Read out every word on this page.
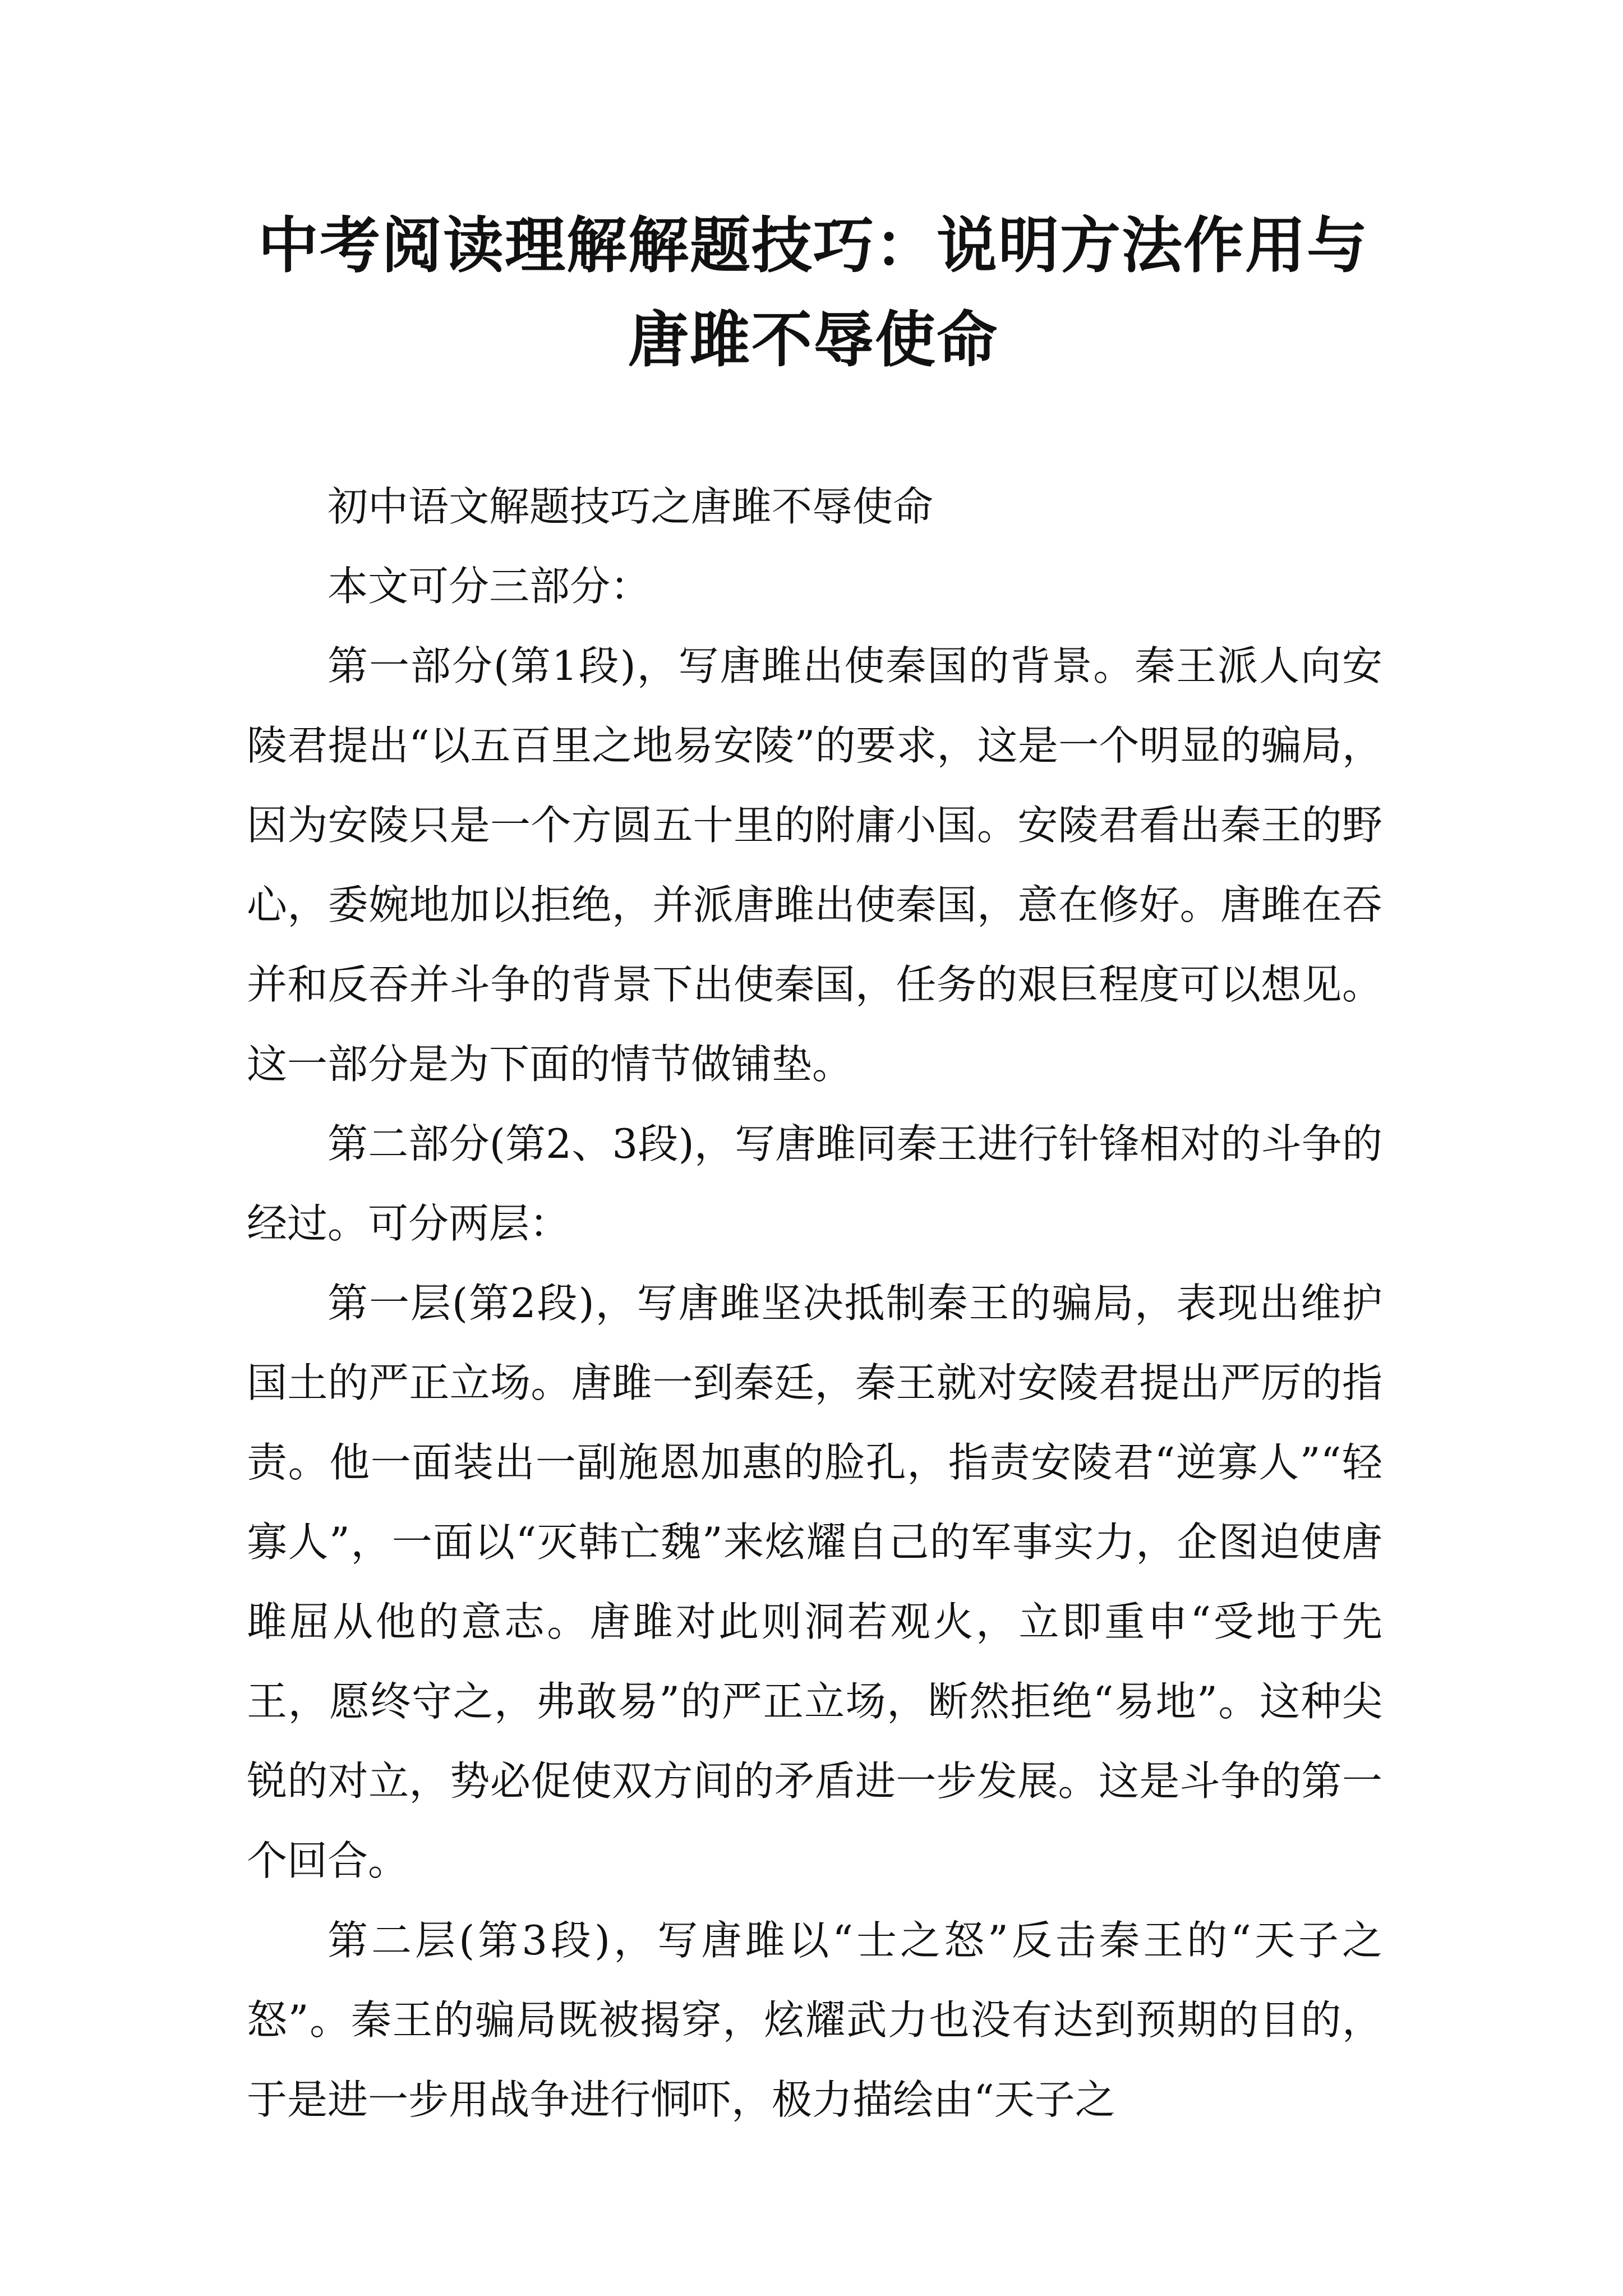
中考阅读理解解题技巧：说明方法作用与唐雎不辱使命

初中语文解题技巧之唐雎不辱使命

本文可分三部分：

第一部分(第1段)，写唐雎出使秦国的背景。秦王派人向安陵君提出“以五百里之地易安陵”的要求，这是一个明显的骗局，因为安陵只是一个方圆五十里的附庸小国。安陵君看出秦王的野心，委婉地加以拒绝，并派唐雎出使秦国，意在修好。唐雎在吞并和反吞并斗争的背景下出使秦国，任务的艰巨程度可以想见。这一部分是为下面的情节做铺垫。

第二部分(第2、3段)，写唐雎同秦王进行针锋相对的斗争的经过。可分两层：

第一层(第2段)，写唐雎坚决抵制秦王的骗局，表现出维护国土的严正立场。唐雎一到秦廷，秦王就对安陵君提出严厉的指责。他一面装出一副施恩加惠的脸孔，指责安陵君“逆寡人”“轻寡人”，一面以“灭韩亡魏”来炫耀自己的军事实力，企图迫使唐雎屈从他的意志。唐雎对此则洞若观火，立即重申“受地于先王，愿终守之，弗敢易”的严正立场，断然拒绝“易地”。这种尖锐的对立，势必促使双方间的矛盾进一步发展。这是斗争的第一个回合。

第二层(第3段)，写唐雎以“士之怒”反击秦王的“天子之怒”。秦王的骗局既被揭穿，炫耀武力也没有达到预期的目的，于是进一步用战争进行恫吓，极力描绘由“天子之
